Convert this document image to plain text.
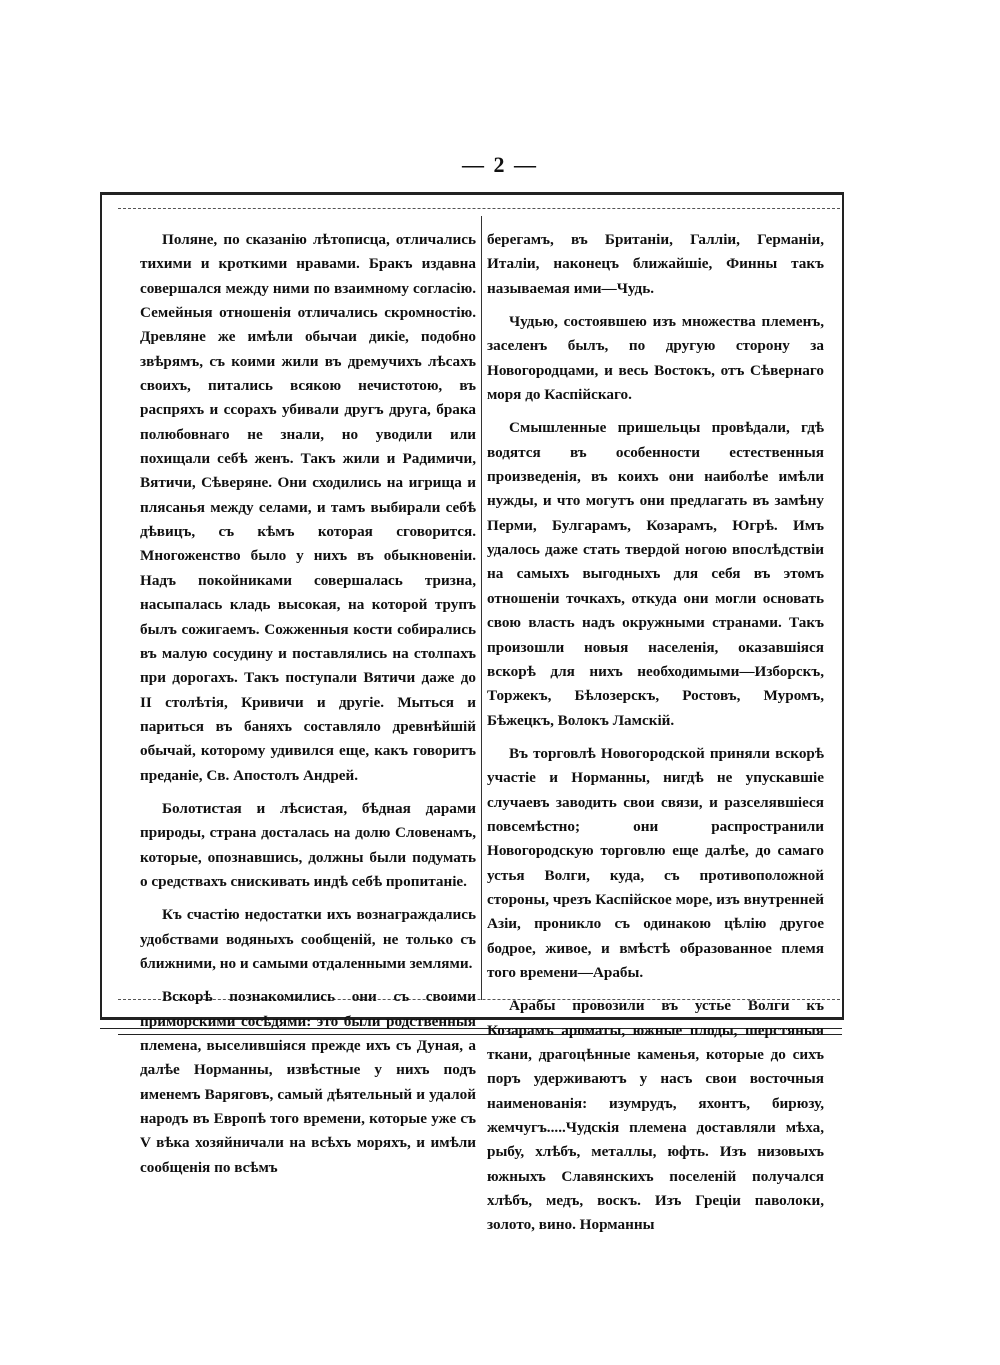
— 2 —

Поляне, по сказанію лѣтописца, отличались тихими и кроткими нравами. Бракъ издавна совершался между ними по взаимному согласію. Семейныя отношенія отличались скромностію. Древляне же имѣли обычаи дикіе, подобно звѣрямъ, съ коими жили въ дремучихъ лѣсахъ своихъ, питались всякою нечистотою, въ распряхъ и ссорахъ убивали другъ друга, брака полюбовнаго не знали, но уводили или похищали себѣ женъ. Такъ жили и Радимичи, Вятичи, Сѣверяне. Они сходились на игрища и плясанья между селами, и тамъ выбирали себѣ дѣвицъ, съ кѣмъ которая сговорится. Многоженство было у нихъ въ обыкновеніи. Надъ покойниками совершалась тризна, насыпалась кладь высокая, на которой трупъ былъ сожигаемъ. Сожженныя кости собирались въ малую сосудину и поставлялись на столпахъ при дорогахъ. Такъ поступали Вятичи даже до II столѣтія, Кривичи и другіе. Мыться и париться въ баняхъ составляло древнѣйшій обычай, которому удивился еще, какъ говоритъ преданіе, Св. Апостолъ Андрей.

Болотистая и лѣсистая, бѣдная дарами природы, страна досталась на долю Словенамъ, которые, опознавшись, должны были подумать о средствахъ снискивать индѣ себѣ пропитаніе.

Къ счастію недостатки ихъ вознаграждались удобствами водяныхъ сообщеній, не только съ ближними, но и самыми отдаленными землями.

Вскорѣ познакомились они съ своими приморскими сосѣдями: это были родственныя племена, выселившіяся прежде ихъ съ Дуная, а далѣе Норманны, извѣстные у нихъ подъ именемъ Варяговъ, самый дѣятельный и удалой народъ въ Европѣ того времени, которые уже съ V вѣка хозяйничали на всѣхъ моряхъ, и имѣли сообщенія по всѣмъ

берегамъ, въ Британіи, Галліи, Германіи, Италіи, наконецъ ближайшіе, Финны такъ называемая ими—Чудь.

Чудью, состоявшею изъ множества племенъ, заселенъ былъ, по другую сторону за Новогородцами, и весь Востокъ, отъ Сѣвернаго моря до Каспійскаго.

Смышленные пришельцы провѣдали, гдѣ водятся въ особенности естественныя произведенія, въ коихъ они наиболѣе имѣли нужды, и что могутъ они предлагать въ замѣну Перми, Булгарамъ, Козарамъ, Югрѣ. Имъ удалось даже стать твердой ногою впослѣдствіи на самыхъ выгодныхъ для себя въ этомъ отношеніи точкахъ, откуда они могли основать свою власть надъ окружными странами. Такъ произошли новыя населенія, оказавшіяся вскорѣ для нихъ необходимыми—Изборскъ, Торжекъ, Бѣлозерскъ, Ростовъ, Муромъ, Бѣжецкъ, Волокъ Ламскій.

Въ торговлѣ Новогородской приняли вскорѣ участіе и Норманны, нигдѣ не упускавшіе случаевъ заводить свои связи, и разселявшіеся повсемѣстно; они распространили Новогородскую торговлю еще далѣе, до самаго устья Волги, куда, съ противоположной стороны, чрезъ Каспійское море, изъ внутренней Азіи, проникло съ одинакою цѣлію другое бодрое, живое, и вмѣстѣ образованное племя того времени—Арабы.

Арабы провозили въ устье Волги къ Козарамъ ароматы, южные плоды, шерстяныя ткани, драгоцѣнные каменья, которые до сихъ поръ удерживаютъ у насъ свои восточныя наименованія: изумрудъ, яхонтъ, бирюзу, жемчугъ.....Чудскія племена доставляли мѣха, рыбу, хлѣбъ, металлы, юфть. Изъ низовыхъ южныхъ Славянскихъ поселеній получался хлѣбъ, медъ, воскъ. Изъ Греціи паволоки, золото, вино. Норманны
